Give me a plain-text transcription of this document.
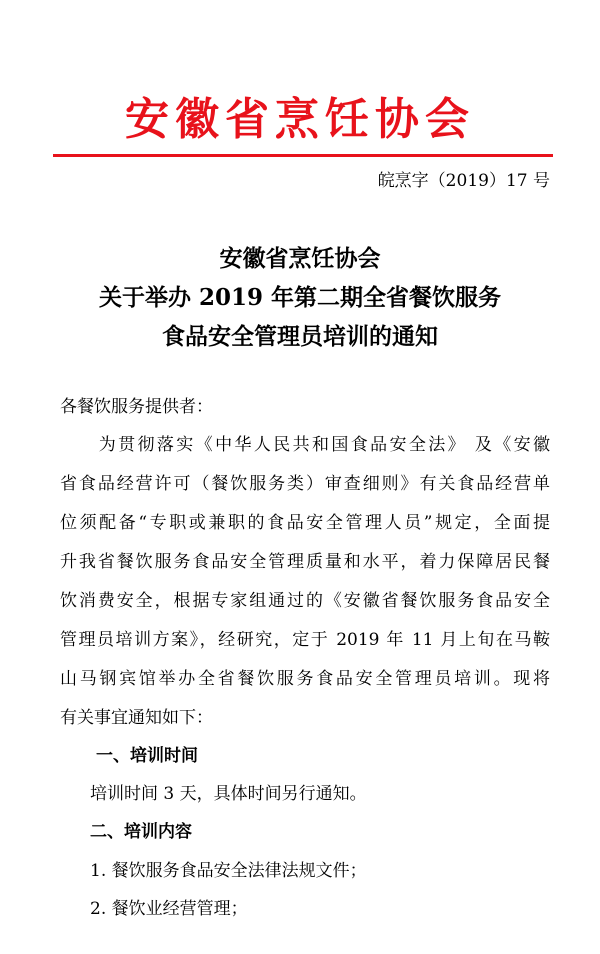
安徽省烹饪协会
皖烹字（2019）17 号
安徽省烹饪协会
关于举办 2019 年第二期全省餐饮服务
食品安全管理员培训的通知
各餐饮服务提供者：
　　为贯彻落实《中华人民共和国食品安全法》 及《安徽
省食品经营许可（餐饮服务类）审查细则》有关食品经营单
位须配备“专职或兼职的食品安全管理人员”规定，全面提
升我省餐饮服务食品安全管理质量和水平，着力保障居民餐
饮消费安全，根据专家组通过的《安徽省餐饮服务食品安全
管理员培训方案》，经研究，定于 2019 年 11 月上旬在马鞍
山马钢宾馆举办全省餐饮服务食品安全管理员培训。现将
有关事宜通知如下：
一、培训时间
培训时间 3 天，具体时间另行通知。
二、培训内容
1. 餐饮服务食品安全法律法规文件；
2. 餐饮业经营管理；
